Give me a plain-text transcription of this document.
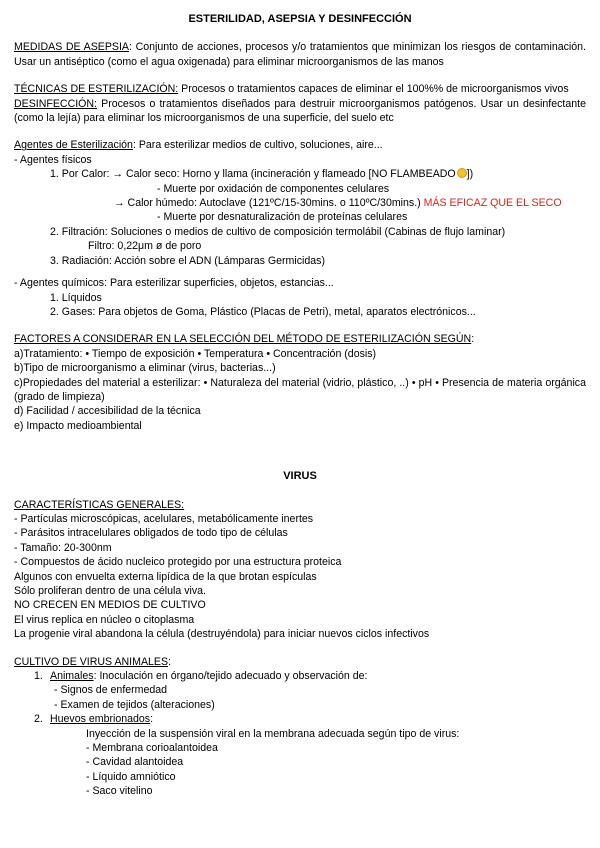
ESTERILIDAD, ASEPSIA Y DESINFECCIÓN

MEDIDAS DE ASEPSIA: Conjunto de acciones, procesos y/o tratamientos que minimizan los riesgos de contaminación. Usar un antiséptico (como el agua oxigenada) para eliminar microorganismos de las manos

TÉCNICAS DE ESTERILIZACIÓN: Procesos o tratamientos capaces de eliminar el 100%% de microorganismos vivos

DESINFECCIÓN: Procesos o tratamientos diseñados para destruir microorganismos patógenos. Usar un desinfectante (como la lejía) para eliminar los microorganismos de una superficie, del suelo etc

Agentes de Esterilización: Para esterilizar medios de cultivo, soluciones, aire...

- Agentes físicos

1. Por Calor: → Calor seco: Horno y llama (incineración y flameado [NO FLAMBEADO ])

- Muerte por oxidación de componentes celulares

→ Calor húmedo: Autoclave (121ºC/15-30mins. o 110ºC/30mins.) MÁS EFICAZ QUE EL SECO

- Muerte por desnaturalización de proteínas celulares

2. Filtración: Soluciones o medios de cultivo de composición termolábil (Cabinas de flujo laminar)

Filtro: 0,22μm ø de poro

3. Radiación: Acción sobre el ADN (Lámparas Germicidas)

- Agentes químicos: Para esterilizar superficies, objetos, estancias...

1. Líquidos

2. Gases: Para objetos de Goma, Plástico (Placas de Petri), metal, aparatos electrónicos...

FACTORES A CONSIDERAR EN LA SELECCIÓN DEL MÉTODO DE ESTERILIZACIÓN SEGÚN:

a)Tratamiento: • Tiempo de exposición • Temperatura • Concentración (dosis)

b)Tipo de microorganismo a eliminar (virus, bacterias...)

c)Propiedades del material a esterilizar: • Naturaleza del material (vidrio, plástico, ..) • pH • Presencia de materia orgánica (grado de limpieza)

d) Facilidad / accesibilidad de la técnica

e) Impacto medioambiental

VIRUS

CARACTERÍSTICAS GENERALES:

- Partículas microscópicas, acelulares, metabólicamente inertes

- Parásitos intracelulares obligados de todo tipo de células

- Tamaño: 20-300nm

- Compuestos de ácido nucleico protegido por una estructura proteica

Algunos con envuelta externa lipídica de la que brotan espículas

Sólo proliferan dentro de una célula viva.

NO CRECEN EN MEDIOS DE CULTIVO

El virus replica en núcleo o citoplasma

La progenie viral abandona la célula (destruyéndola) para iniciar nuevos ciclos infectivos

CULTIVO DE VIRUS ANIMALES:

1. Animales: Inoculación en órgano/tejido adecuado y observación de:

- Signos de enfermedad

- Examen de tejidos (alteraciones)

2. Huevos embrionados:

Inyección de la suspensión viral en la membrana adecuada según tipo de virus:

- Membrana corioalantoidea

- Cavidad alantoidea

- Líquido amniótico

- Saco vitelino
